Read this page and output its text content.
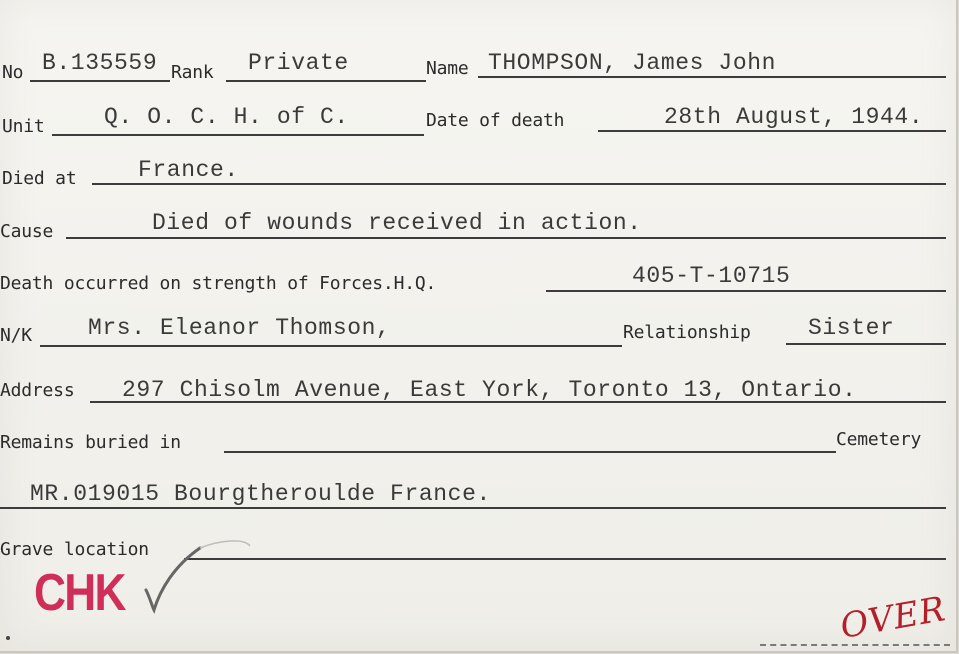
No B.135559 Rank Private	Name THOMPSON, James John
Unit	Q. O. C. H. of C.	Date of death	28th August, 1944.
Died at	France.
Cause	Died of wounds received in action.
Death occurred on strength of Forces.H.Q.	405-T-10715
N/K Mrs. Eleanor Thomson,	Relationship Sister
Address 297 Chisolm Avenue, East York, Toronto 13, Ontario.
Remains buried in	Cemetery
MR.019015 Bourgtheroulde France.
Grave location
CHK	OVER
